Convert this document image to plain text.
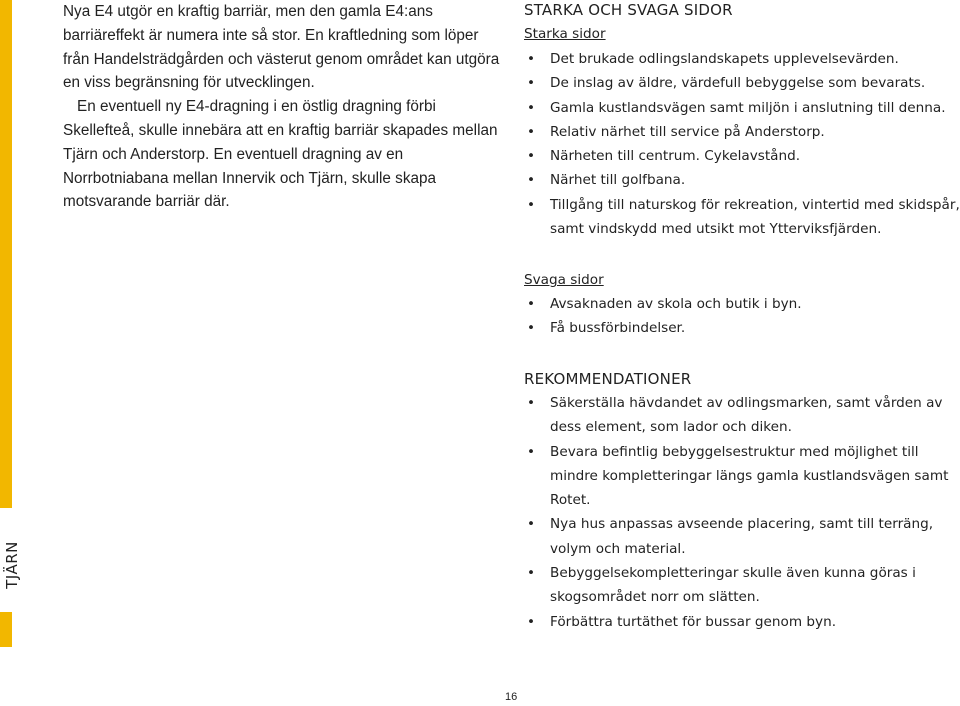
TJÄRN

Nya E4 utgör en kraftig barriär, men den gamla E4:ans barriäreffekt är numera inte så stor. En kraftledning som löper från Handelsträdgården och västerut genom området kan utgöra en viss begränsning för utvecklingen.

En eventuell ny E4-dragning i en östlig dragning förbi Skellefteå, skulle innebära att en kraftig barriär skapades mellan Tjärn och Anderstorp. En eventuell dragning av en Norrbotniabana mellan Innervik och Tjärn, skulle skapa motsvarande barriär där.

STARKA OCH SVAGA SIDOR
Starka sidor
• Det brukade odlingslandskapets upplevelsevärden.
• De inslag av äldre, värdefull bebyggelse som bevarats.
• Gamla kustlandsvägen samt miljön i anslutning till denna.
• Relativ närhet till service på Anderstorp.
• Närheten till centrum. Cykelavstånd.
• Närhet till golfbana.
• Tillgång till naturskog för rekreation, vintertid med skidspår, samt vindskydd med utsikt mot Ytterviksfjärden.
Svaga sidor
• Avsaknaden av skola och butik i byn.
• Få bussförbindelser.
REKOMMENDATIONER
• Säkerställa hävdandet av odlingsmarken, samt vården av dess element, som lador och diken.
• Bevara befintlig bebyggelsestruktur med möjlighet till mindre kompletteringar längs gamla kustlandsvägen samt Rotet.
• Nya hus anpassas avseende placering, samt till terräng, volym och material.
• Bebyggelsekompletteringar skulle även kunna göras i skogsområdet norr om slätten.
• Förbättra turtäthet för bussar genom byn.
16
